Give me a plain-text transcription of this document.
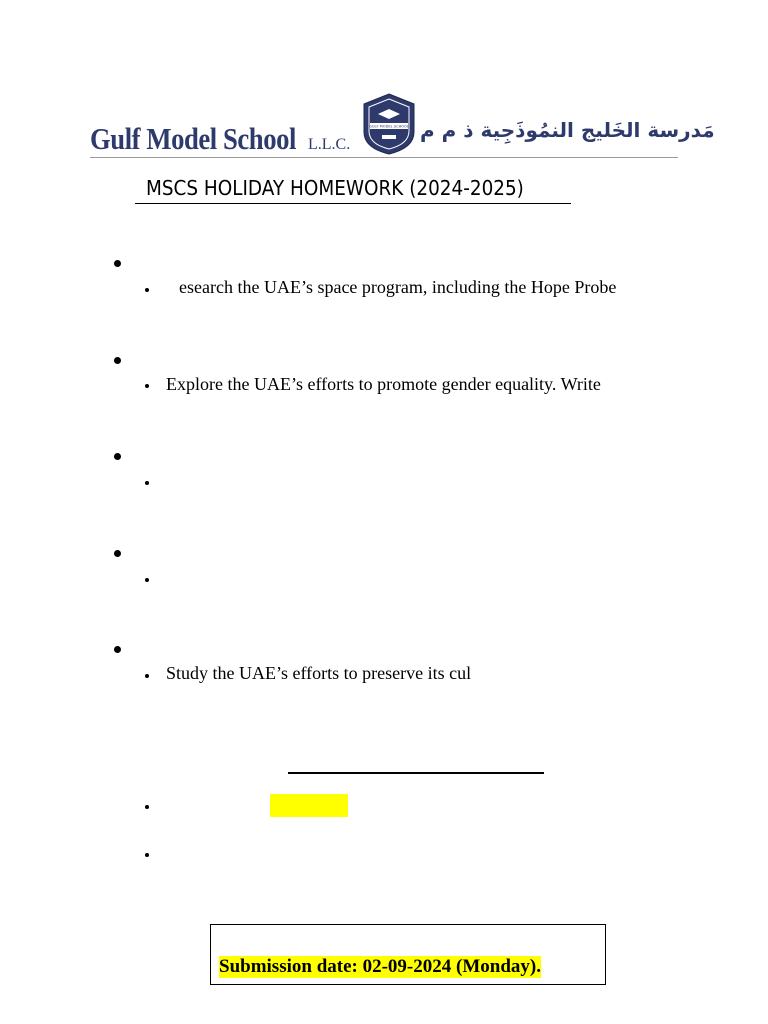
Gulf Model School L.L.C.
GULF MODEL SCHOOL مَدرسة الخَليج النمُوذَجِية ذ م م
MSCS HOLIDAY HOMEWORK (2024-2025)
esearch the UAE’s space program, including the Hope Probe
Explore the UAE’s efforts to promote gender equality. Write
Study the UAE’s efforts to preserve its cul
Submission date: 02-09-2024 (Monday).
